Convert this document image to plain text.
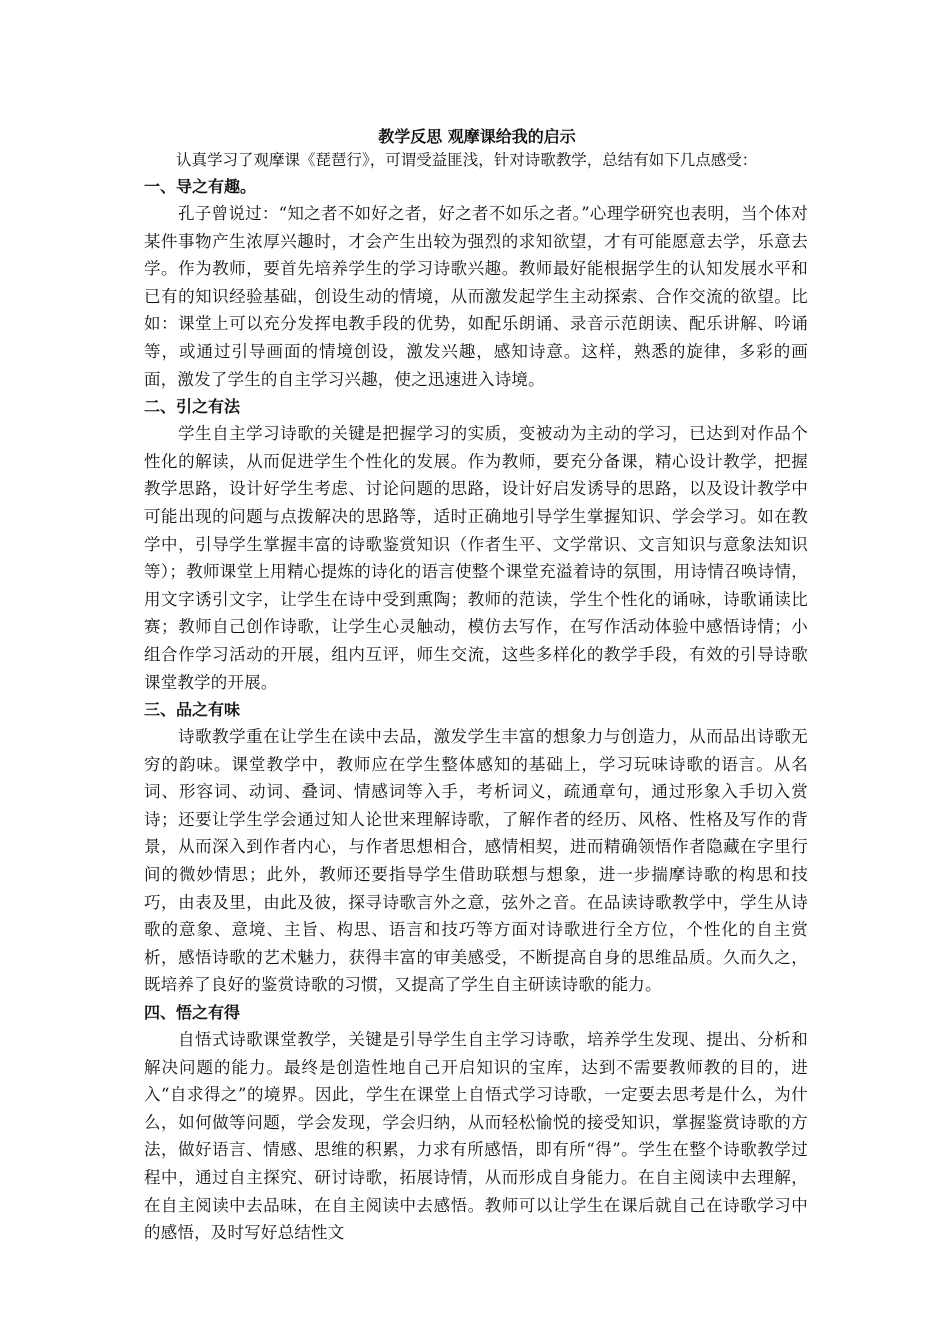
教学反思 观摩课给我的启示

认真学习了观摩课《琵琶行》，可谓受益匪浅，针对诗歌教学，总结有如下几点感受：

一、导之有趣。

孔子曾说过：“知之者不如好之者，好之者不如乐之者。”心理学研究也表明，当个体对某件事物产生浓厚兴趣时，才会产生出较为强烈的求知欲望，才有可能愿意去学，乐意去学。作为教师，要首先培养学生的学习诗歌兴趣。教师最好能根据学生的认知发展水平和已有的知识经验基础，创设生动的情境，从而激发起学生主动探索、合作交流的欲望。比如：课堂上可以充分发挥电教手段的优势，如配乐朗诵、录音示范朗读、配乐讲解、吟诵等，或通过引导画面的情境创设，激发兴趣，感知诗意。这样，熟悉的旋律，多彩的画面，激发了学生的自主学习兴趣，使之迅速进入诗境。

二、引之有法

学生自主学习诗歌的关键是把握学习的实质，变被动为主动的学习，已达到对作品个性化的解读，从而促进学生个性化的发展。作为教师，要充分备课，精心设计教学，把握教学思路，设计好学生考虑、讨论问题的思路，设计好启发诱导的思路，以及设计教学中可能出现的问题与点拨解决的思路等，适时正确地引导学生掌握知识、学会学习。如在教学中，引导学生掌握丰富的诗歌鉴赏知识（作者生平、文学常识、文言知识与意象法知识等）；教师课堂上用精心提炼的诗化的语言使整个课堂充溢着诗的氛围，用诗情召唤诗情，用文字诱引文字，让学生在诗中受到熏陶；教师的范读，学生个性化的诵咏，诗歌诵读比赛；教师自己创作诗歌，让学生心灵触动，模仿去写作，在写作活动体验中感悟诗情；小组合作学习活动的开展，组内互评，师生交流，这些多样化的教学手段，有效的引导诗歌课堂教学的开展。

三、品之有味

诗歌教学重在让学生在读中去品，激发学生丰富的想象力与创造力，从而品出诗歌无穷的韵味。课堂教学中，教师应在学生整体感知的基础上，学习玩味诗歌的语言。从名词、形容词、动词、叠词、情感词等入手，考析词义，疏通章句，通过形象入手切入赏诗；还要让学生学会通过知人论世来理解诗歌，了解作者的经历、风格、性格及写作的背景，从而深入到作者内心，与作者思想相合，感情相契，进而精确领悟作者隐藏在字里行间的微妙情思；此外，教师还要指导学生借助联想与想象，进一步揣摩诗歌的构思和技巧，由表及里，由此及彼，探寻诗歌言外之意，弦外之音。在品读诗歌教学中，学生从诗歌的意象、意境、主旨、构思、语言和技巧等方面对诗歌进行全方位，个性化的自主赏析，感悟诗歌的艺术魅力，获得丰富的审美感受，不断提高自身的思维品质。久而久之，既培养了良好的鉴赏诗歌的习惯，又提高了学生自主研读诗歌的能力。

四、悟之有得

自悟式诗歌课堂教学，关键是引导学生自主学习诗歌，培养学生发现、提出、分析和解决问题的能力。最终是创造性地自己开启知识的宝库，达到不需要教师教的目的，进入“自求得之”的境界。因此，学生在课堂上自悟式学习诗歌，一定要去思考是什么，为什么，如何做等问题，学会发现，学会归纳，从而轻松愉悦的接受知识，掌握鉴赏诗歌的方法，做好语言、情感、思维的积累，力求有所感悟，即有所“得”。学生在整个诗歌教学过程中，通过自主探究、研讨诗歌，拓展诗情，从而形成自身能力。在自主阅读中去理解，在自主阅读中去品味，在自主阅读中去感悟。教师可以让学生在课后就自己在诗歌学习中的感悟，及时写好总结性文
